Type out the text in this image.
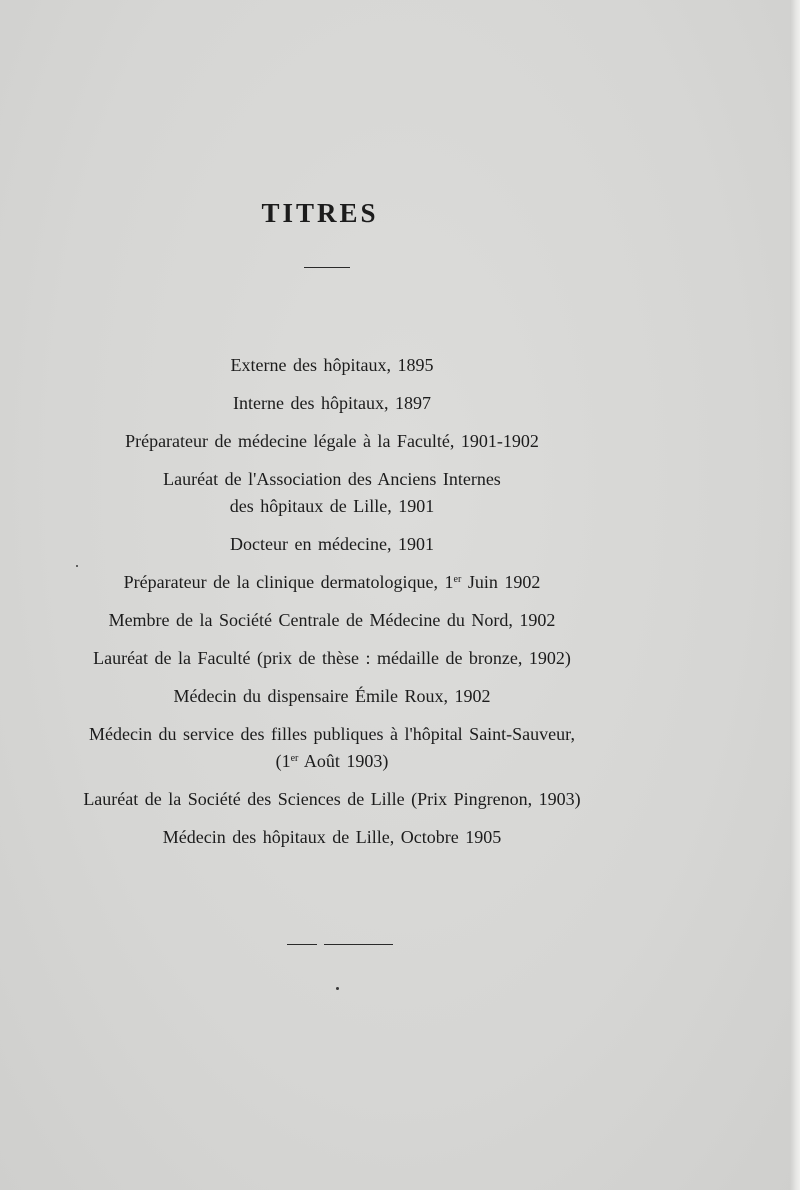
TITRES
Externe des hôpitaux, 1895
Interne des hôpitaux, 1897
Préparateur de médecine légale à la Faculté, 1901-1902
Lauréat de l'Association des Anciens Internes
des hôpitaux de Lille, 1901
Docteur en médecine, 1901
Préparateur de la clinique dermatologique, 1er Juin 1902
Membre de la Société Centrale de Médecine du Nord, 1902
Lauréat de la Faculté (prix de thèse : médaille de bronze, 1902)
Médecin du dispensaire Émile Roux, 1902
Médecin du service des filles publiques à l'hôpital Saint-Sauveur,
(1er Août 1903)
Lauréat de la Société des Sciences de Lille (Prix Pingrenon, 1903)
Médecin des hôpitaux de Lille, Octobre 1905
